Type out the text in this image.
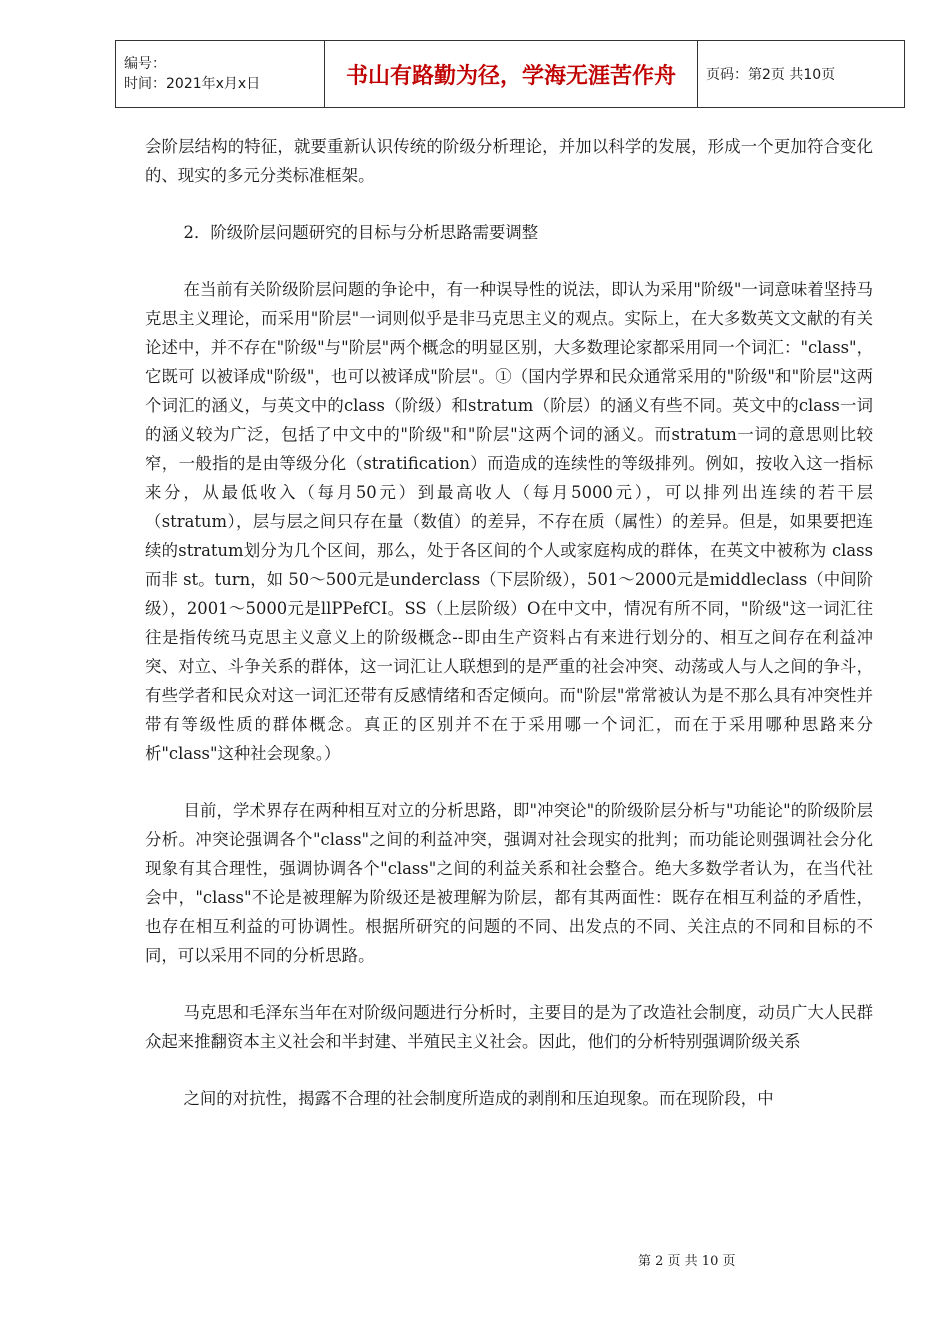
编号：
时间：2021年x月x日	书山有路勤为径，学海无涯苦作舟	页码：第2页 共10页

会阶层结构的特征，就要重新认识传统的阶级分析理论，并加以科学的发展，形成一个更加符合变化的、现实的多元分类标准框架。

2．阶级阶层问题研究的目标与分析思路需要调整

在当前有关阶级阶层问题的争论中，有一种误导性的说法，即认为采用"阶级"一词意味着坚持马克思主义理论，而采用"阶层"一词则似乎是非马克思主义的观点。实际上，在大多数英文文献的有关论述中，并不存在"阶级"与"阶层"两个概念的明显区别，大多数理论家都采用同一个词汇："class"，它既可 以被译成"阶级"，也可以被译成"阶层"。①（国内学界和民众通常采用的"阶级"和"阶层"这两个词汇的涵义，与英文中的class（阶级）和stratum（阶层）的涵义有些不同。英文中的class一词的涵义较为广泛，包括了中文中的"阶级"和"阶层"这两个词的涵义。而stratum一词的意思则比较窄，一般指的是由等级分化（stratification）而造成的连续性的等级排列。例如，按收入这一指标来分，从最低收入（每月50元）到最高收人（每月5000元），可以排列出连续的若干层（stratum），层与层之间只存在量（数值）的差异，不存在质（属性）的差异。但是，如果要把连续的stratum划分为几个区间，那么，处于各区间的个人或家庭构成的群体，在英文中被称为 class而非 st。turn，如 50～500元是underclass（下层阶级），501～2000元是middleclass（中间阶级），2001～5000元是llPPefCI。SS（上层阶级）O在中文中，情况有所不同，"阶级"这一词汇往往是指传统马克思主义意义上的阶级概念--即由生产资料占有来进行划分的、相互之间存在利益冲突、对立、斗争关系的群体，这一词汇让人联想到的是严重的社会冲突、动荡或人与人之间的争斗，有些学者和民众对这一词汇还带有反感情绪和否定倾向。而"阶层"常常被认为是不那么具有冲突性并带有等级性质的群体概念。真正的区别并不在于采用哪一个词汇，而在于采用哪种思路来分析"class"这种社会现象。）

目前，学术界存在两种相互对立的分析思路，即"冲突论"的阶级阶层分析与"功能论"的阶级阶层分析。冲突论强调各个"class"之间的利益冲突，强调对社会现实的批判；而功能论则强调社会分化现象有其合理性，强调协调各个"class"之间的利益关系和社会整合。绝大多数学者认为，在当代社会中，"class"不论是被理解为阶级还是被理解为阶层，都有其两面性：既存在相互利益的矛盾性，也存在相互利益的可协调性。根据所研究的问题的不同、出发点的不同、关注点的不同和目标的不同，可以采用不同的分析思路。

马克思和毛泽东当年在对阶级问题进行分析时，主要目的是为了改造社会制度，动员广大人民群众起来推翻资本主义社会和半封建、半殖民主义社会。因此，他们的分析特别强调阶级关系

之间的对抗性，揭露不合理的社会制度所造成的剥削和压迫现象。而在现阶段，中

第 2 页 共 10 页
